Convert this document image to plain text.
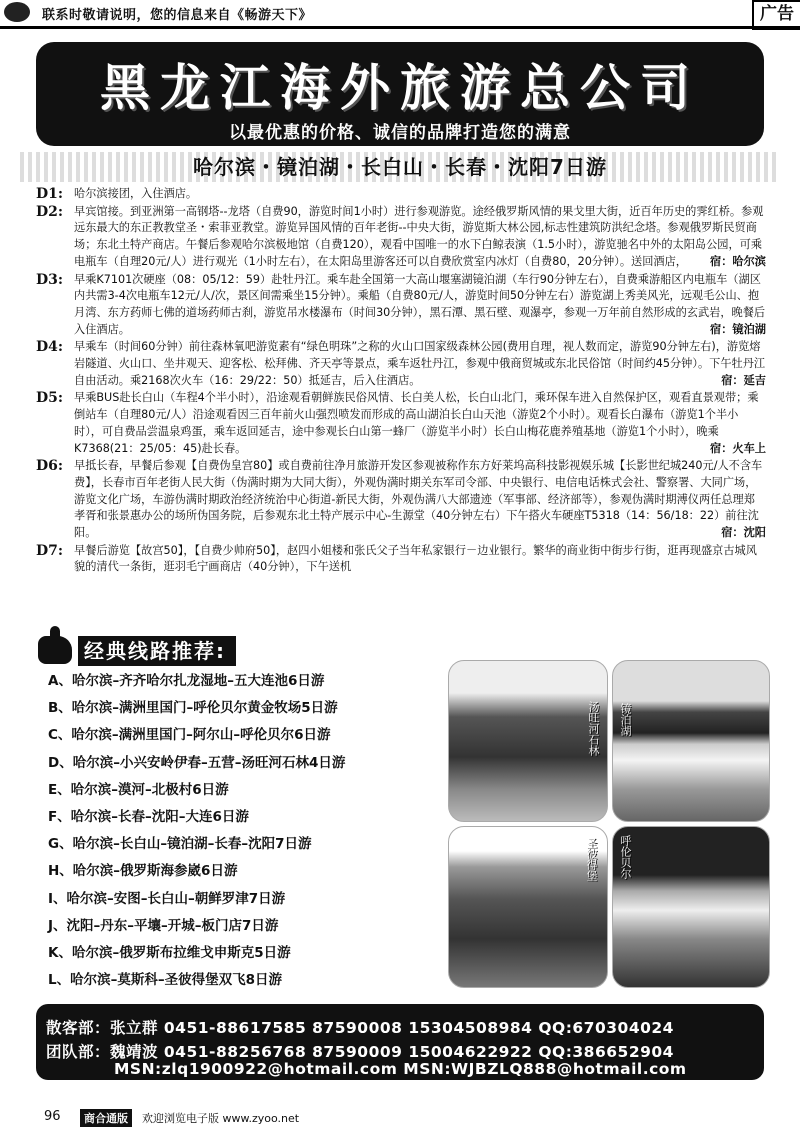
联系时敬请说明，您的信息来自《畅游天下》	广告
黑龙江海外旅游总公司
以最优惠的价格、诚信的品牌打造您的满意
哈尔滨・镜泊湖・长白山・长春・沈阳7日游
D1: 哈尔滨接团，入住酒店。
D2: 早宾馆接。到亚洲第一高钢塔--龙塔（自费90，游览时间1小时）进行参观游览。途经俄罗斯风情的果戈里大街，近百年历史的霁红桥。参观远东最大的东正教教堂圣・索菲亚教堂。游览异国风情的百年老街--中央大街，游览斯大林公园,标志性建筑防洪纪念塔。参观俄罗斯民贸商场；东北土特产商店。午餐后参观哈尔滨极地馆（自费120），观看中国唯一的水下白鲸表演（1.5小时），游览驰名中外的太阳岛公园，可乘电瓶车（自理20元/人）进行观光（1小时左右），在太阳岛里游客还可以自费欣赏室内冰灯（自费80，20分钟）。送回酒店， 宿：哈尔滨
D3: 早乘K7101次硬座（08：05/12：59）赴牡丹江。乘车赴全国第一大高山堰塞湖镜泊湖（车行90分钟左右），自费乘游船区内电瓶车（湖区内共需3-4次电瓶车12元/人/次，景区间需乘坐15分钟）。乘船（自费80元/人，游览时间50分钟左右）游览湖上秀美风光，远观毛公山、抱月湾、东方药师七佛的道场药师古刹，游览吊水楼瀑布（时间30分钟），黑石潭、黑石壁、观瀑亭，参观一万年前自然形成的玄武岩，晚餐后入住酒店。	宿：镜泊湖
D4: 早乘车（时间60分钟）前往森林氧吧游览素有“绿色明珠”之称的火山口国家级森林公园(费用自理，视人数而定，游览90分钟左右)，游览熔岩隧道、火山口、坐井观天、迎客松、松拜佛、齐天亭等景点，乘车返牡丹江，参观中俄商贸城或东北民俗馆（时间约45分钟）。下午牡丹江自由活动。乘2168次火车（16：29/22：50）抵延吉，后入住酒店。	宿：延吉
D5: 早乘BUS赴长白山（车程4个半小时），沿途观看朝鲜族民俗风情、长白美人松，长白山北门，乘环保车进入自然保护区，观看直景观带；乘倒站车（自理80元/人）沿途观看因三百年前火山强烈喷发而形成的高山湖泊长白山天池（游览2个小时）。观看长白瀑布（游览1个半小时），可自费品尝温泉鸡蛋，乘车返回延吉，途中参观长白山第一蜂厂（游览半小时）长白山梅花鹿养殖基地（游览1个小时），晚乘K7368(21：25/05：45)赴长春。	宿：火车上
D6: 早抵长春，早餐后参观【自费伪皇宫80】或自费前往净月旅游开发区参观被称作东方好莱坞高科技影视娱乐城【长影世纪城240元/人不含车费】，长春市百年老街人民大街（伪满时期为大同大街），外观伪满时期关东军司令部、中央银行、电信电话株式会社、警察署、大同广场，游览文化广场，车游伪满时期政治经济统治中心街道-新民大街，外观伪满八大部遗迹（军事部、经济部等），参观伪满时期溥仪两任总理郑孝胥和张景惠办公的场所伪国务院，后参观东北土特产展示中心-生源堂（40分钟左右）下午搭火车硬座T5318（14：56/18：22）前往沈阳。	宿：沈阳
D7: 早餐后游览【故宫50】，【自费少帅府50】，赵四小姐楼和张氏父子当年私家银行－边业银行。繁华的商业街中街步行街，逛再现盛京古城风貌的清代一条街，逛羽毛宁画商店（40分钟），下午送机
经典线路推荐:
A、哈尔滨–齐齐哈尔扎龙湿地–五大连池6日游
B、哈尔滨–满洲里国门–呼伦贝尔黄金牧场5日游
C、哈尔滨–满洲里国门–阿尔山–呼伦贝尔6日游
D、哈尔滨–小兴安岭伊春–五营–汤旺河石林4日游
E、哈尔滨–漠河–北极村6日游
F、哈尔滨–长春–沈阳–大连6日游
G、哈尔滨–长白山–镜泊湖–长春–沈阳7日游
H、哈尔滨–俄罗斯海参崴6日游
I、哈尔滨–安图–长白山–朝鲜罗津7日游
J、沈阳–丹东–平壤–开城–板门店7日游
K、哈尔滨–俄罗斯布拉维戈申斯克5日游
L、哈尔滨–莫斯科–圣彼得堡双飞8日游
汤旺河石林 镜泊湖
圣彼得堡 呼伦贝尔
散客部：张立群 0451-88617585 87590008 15304508984 QQ:670304024
团队部：魏靖波 0451-88256768 87590009 15004622922 QQ:386652904
MSN:zlq1900922@hotmail.com MSN:WJBZLQ888@hotmail.com
96	商合通版	欢迎浏览电子版 www.zyoo.net
